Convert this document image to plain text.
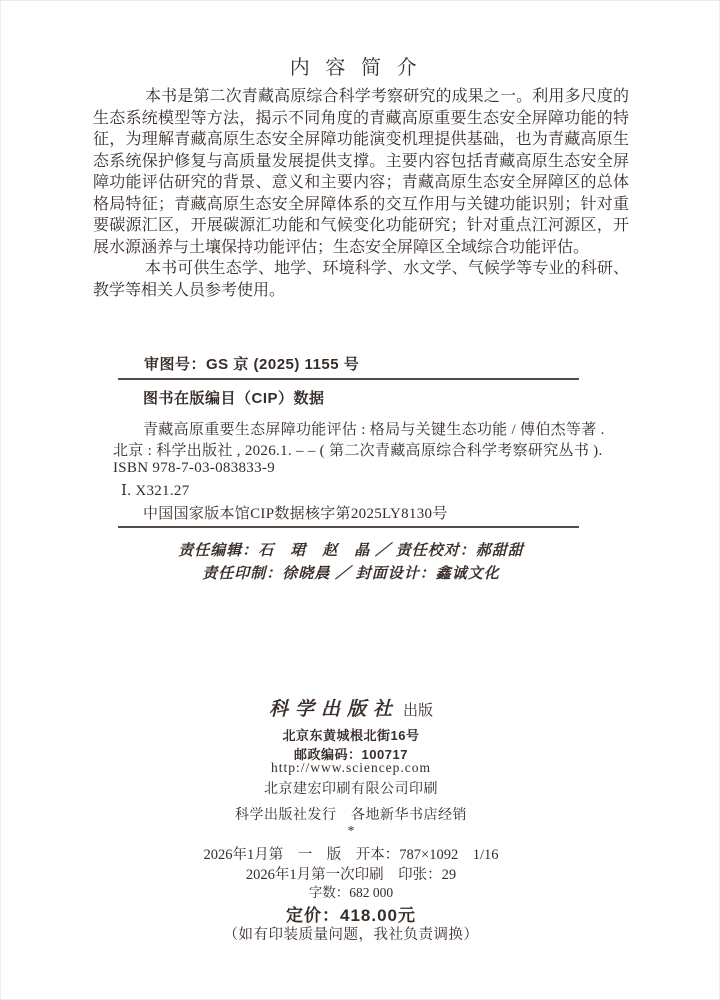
内容简介

本书是第二次青藏高原综合科学考察研究的成果之一。利用多尺度的生态系统模型等方法，揭示不同角度的青藏高原重要生态安全屏障功能的特征，为理解青藏高原生态安全屏障功能演变机理提供基础，也为青藏高原生态系统保护修复与高质量发展提供支撑。主要内容包括青藏高原生态安全屏障功能评估研究的背景、意义和主要内容；青藏高原生态安全屏障区的总体格局特征；青藏高原生态安全屏障体系的交互作用与关键功能识别；针对重要碳源汇区，开展碳源汇功能和气候变化功能研究；针对重点江河源区，开展水源涵养与土壤保持功能评估；生态安全屏障区全域综合功能评估。

本书可供生态学、地学、环境科学、水文学、气候学等专业的科研、教学等相关人员参考使用。

审图号：GS 京 (2025) 1155 号
图书在版编目（CIP）数据
青藏高原重要生态屏障功能评估 : 格局与关键生态功能 / 傅伯杰等著 .
北京 : 科学出版社 , 2026.1. – – ( 第二次青藏高原综合科学考察研究丛书 ).
ISBN 978-7-03-083833-9
Ⅰ. X321.27
中国国家版本馆CIP数据核字第2025LY8130号
责任编辑：石　珺　赵　晶 ／ 责任校对：郝甜甜
责任印制：徐晓晨 ／ 封面设计：鑫诚文化
科学出版社 出版
北京东黄城根北街16号
邮政编码：100717
http://www.sciencep.com
北京建宏印刷有限公司印刷
科学出版社发行　各地新华书店经销
*
2026年1月第　一　版　开本：787×1092　1/16
2026年1月第一次印刷　印张：29
字数：682 000
定价：418.00元
（如有印装质量问题，我社负责调换）
